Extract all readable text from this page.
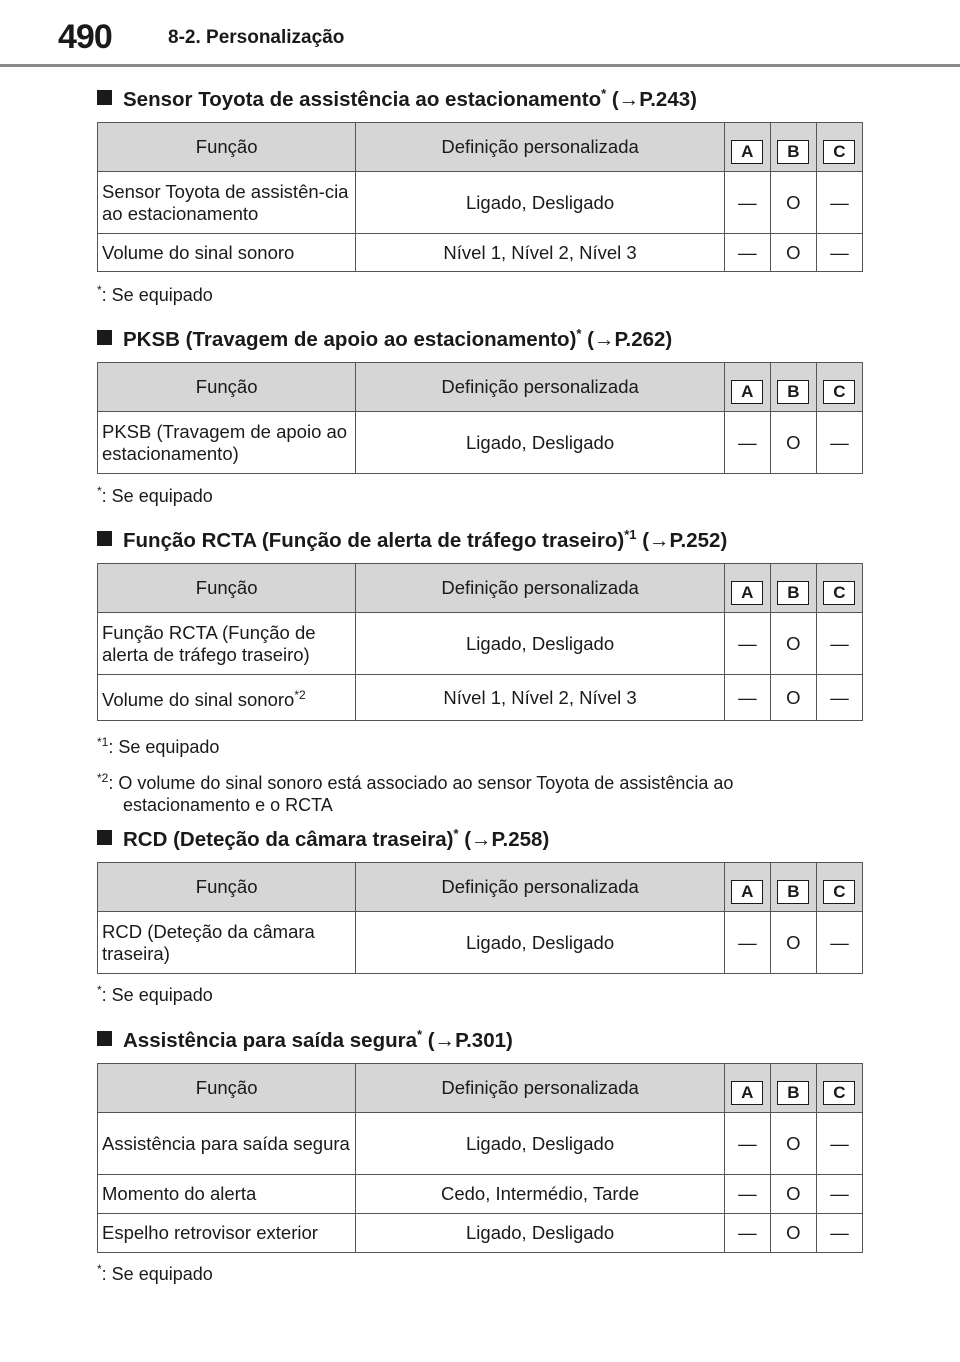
490	8-2. Personalização
Sensor Toyota de assistência ao estacionamento* (→P.243)
Função	Definição personalizada	A	B	C
Sensor Toyota de assistên-cia ao estacionamento	Ligado, Desligado	—	O	—
Volume do sinal sonoro	Nível 1, Nível 2, Nível 3	—	O	—
*: Se equipado
PKSB (Travagem de apoio ao estacionamento)* (→P.262)
Função	Definição personalizada	A	B	C
PKSB (Travagem de apoio ao estacionamento)	Ligado, Desligado	—	O	—
*: Se equipado
Função RCTA (Função de alerta de tráfego traseiro)$^{*1}$ (→P.252)
Função	Definição personalizada	A	B	C
Função RCTA (Função de alerta de tráfego traseiro)	Ligado, Desligado	—	O	—
Volume do sinal sonoro$^{*2}$	Nível 1, Nível 2, Nível 3	—	O	—
$^{*1}$: Se equipado
$^{*2}$: O volume do sinal sonoro está associado ao sensor Toyota de assistência ao
estacionamento e o RCTA
RCD (Deteção da câmara traseira)* (→P.258)
Função	Definição personalizada	A	B	C
RCD (Deteção da câmara traseira)	Ligado, Desligado	—	O	—
*: Se equipado
Assistência para saída segura* (→P.301)
Função	Definição personalizada	A	B	C
Assistência para saída segura	Ligado, Desligado	—	O	—
Momento do alerta	Cedo, Intermédio, Tarde	—	O	—
Espelho retrovisor exterior	Ligado, Desligado	—	O	—
*: Se equipado
